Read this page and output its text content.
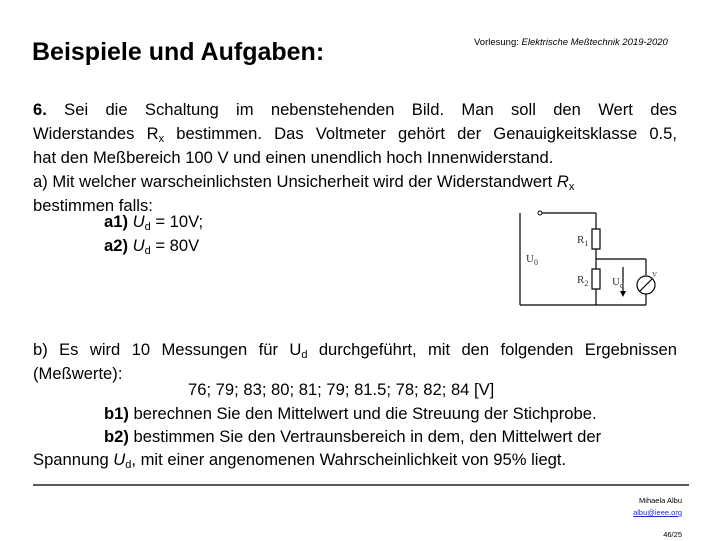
Beispiele und Aufgaben:	Vorlesung: Elektrische Meßtechnik 2019-2020
6. Sei die Schaltung im nebenstehenden Bild. Man soll den Wert des
Widerstandes $R_x$ bestimmen. Das Voltmeter gehört der Genauigkeitsklasse 0.5,
hat den Meßbereich 100 V und einen unendlich hoch Innenwiderstand.
a) Mit welcher warscheinlichsten Unsicherheit wird der Widerstandwert $R_x$
bestimmen falls:
a1) $U_d = 10V$;
a2) $U_d = 80V$
$U_0$
$R_1$
$R_2$ $U_d$
V
b) Es wird 10 Messungen für $U_d$ durchgeführt, mit den folgenden Ergebnissen
(Meßwerte):
76; 79; 83; 80; 81; 79; 81.5; 78; 82; 84 [V]
b1) berechnen Sie den Mittelwert und die Streuung der Stichprobe.
b2) bestimmen Sie den Vertraunsbereich in dem, den Mittelwert der
Spannung $U_d$, mit einer angenomenen Wahrscheinlichkeit von 95% liegt.
Mihaela Albu
albu@ieee.org
46/25
